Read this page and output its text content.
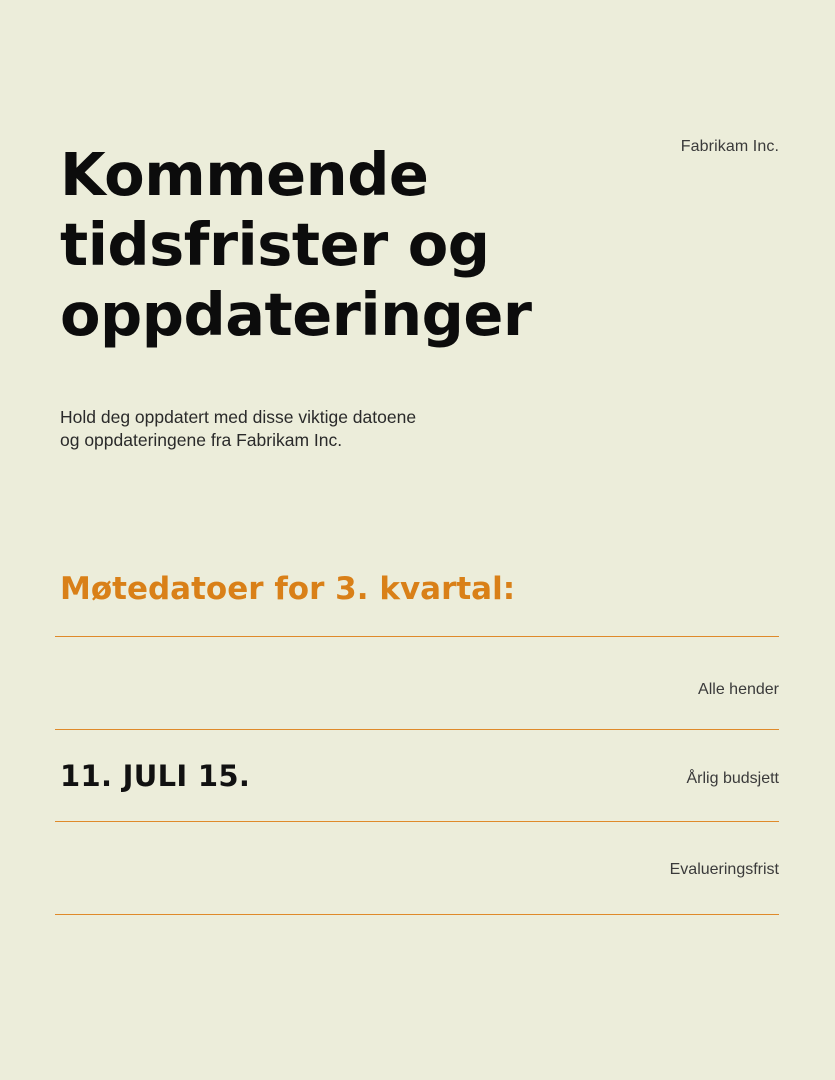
Fabrikam Inc.
Kommende
tidsfrister og
oppdateringer
Hold deg oppdatert med disse viktige datoene
og oppdateringene fra Fabrikam Inc.
Møtedatoer for 3. kvartal:
Alle hender
11. JULI 15.	Årlig budsjett
Evalueringsfrist
